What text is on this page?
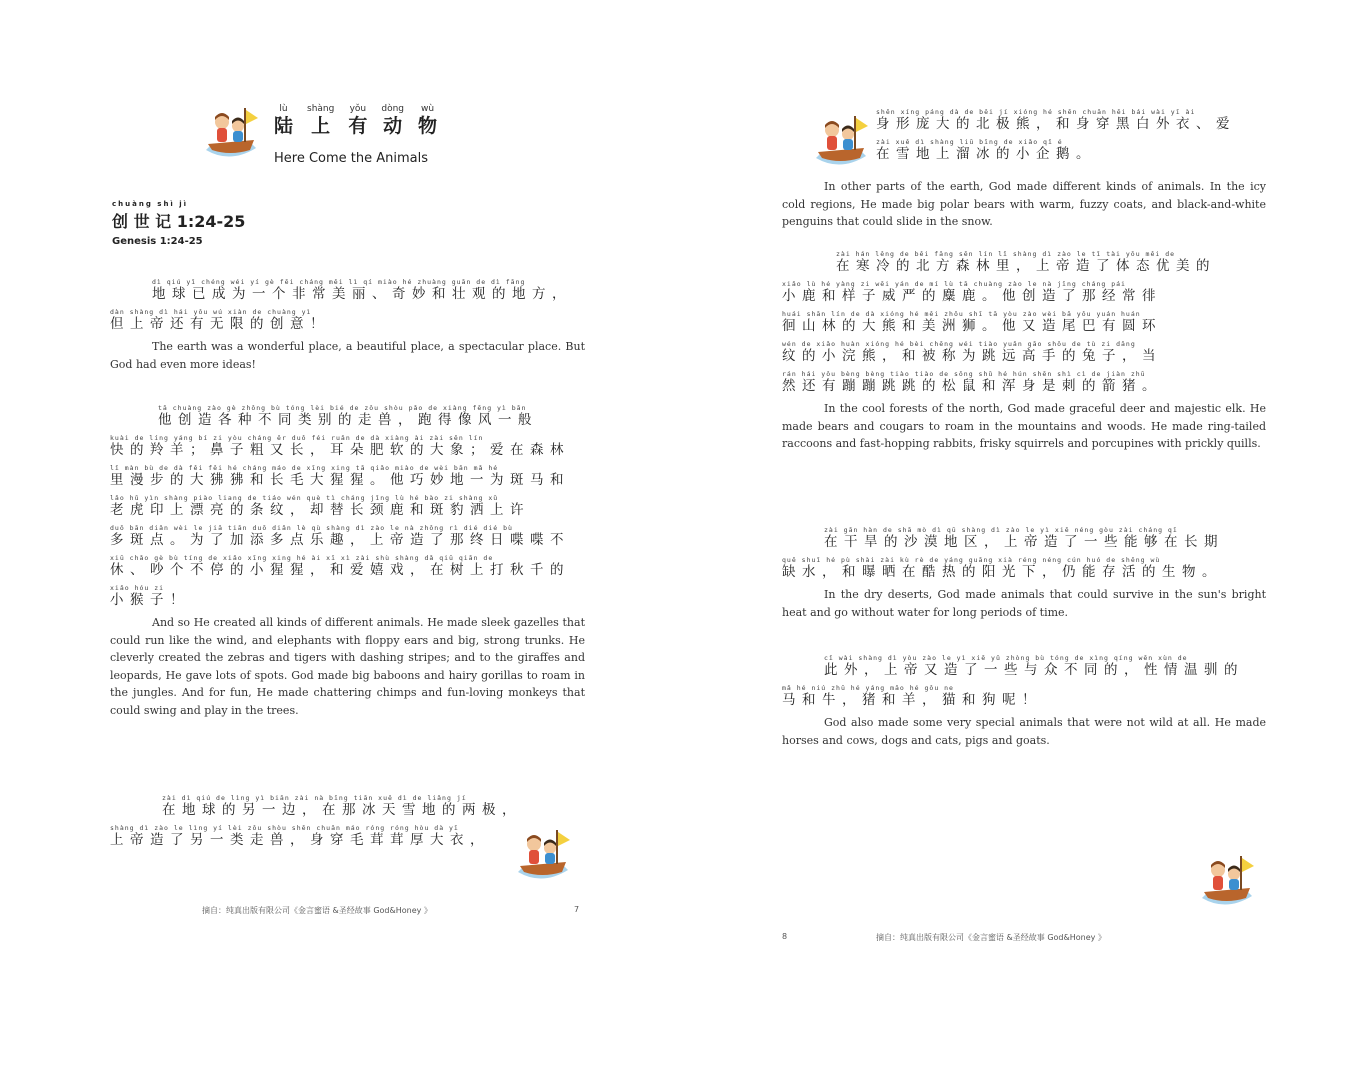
lù
陆
shàng
上
yǒu
有
dòng
动
wù
物
Here Come the Animals
chuàng shì jì
创 世 记 1:24-25
Genesis 1:24-25
dì qiú yǐ chéng wéi yí gè fēi cháng měi lì qí miào hé zhuàng guān de dì fāng
地球已成为一个非常美丽、奇妙和壮观的地方，
dàn shàng dì hái yǒu wú xiàn de chuàng yì
但上帝还有无限的创意！

The earth was a wonderful place, a beautiful place, a spectacular place. But God had even more ideas!

tā chuàng zào gè zhǒng bù tóng lèi bié de zǒu shòu pǎo de xiàng fēng yì bān
他创造各种不同类别的走兽，跑得像风一般
kuài de líng yáng bí zi yòu cháng ěr duǒ féi ruǎn de dà xiàng ài zài sēn lín
快的羚羊；鼻子粗又长，耳朵肥软的大象；爱在森林
lǐ màn bù de dà fěi fěi hé cháng máo de xīng xing tā qiǎo miào de wèi bān mǎ hé
里漫步的大狒狒和长毛大猩猩。他巧妙地一为斑马和
lǎo hǔ yìn shàng piào liang de tiáo wén què tì cháng jǐng lù hé bào zi shàng xǔ
老虎印上漂亮的条纹，却替长颈鹿和斑豹洒上许
duō bān diǎn wèi le jiā tiān duō diǎn lè qù shàng dì zào le nà zhǒng rì dié dié bù
多斑点。为了加添多点乐趣，上帝造了那终日喋喋不
xiū chǎo gè bù tíng de xiǎo xīng xing hé ài xī xì zài shù shàng dǎ qiū qiān de
休、吵个不停的小猩猩，和爱嬉戏，在树上打秋千的
xiǎo hóu zi
小猴子！

And so He created all kinds of different animals. He made sleek gazelles that could run like the wind, and elephants with floppy ears and big, strong trunks. He cleverly created the zebras and tigers with dashing stripes; and to the giraffes and leopards, He gave lots of spots. God made big baboons and hairy gorillas to roam in the jungles. And for fun, He made chattering chimps and fun-loving monkeys that could swing and play in the trees.

zài dì qiú de lìng yì biān zài nà bīng tiān xuě dì de liǎng jí
在地球的另一边，在那冰天雪地的两极，
shàng dì zào le lìng yí lèi zǒu shòu shēn chuān máo róng róng hòu dà yī
上帝造了另一类走兽，身穿毛茸茸厚大衣，
摘自：纯真出版有限公司《金言蜜语 &圣经故事 God&Honey 》	7
shēn xíng páng dà de běi jí xióng hé shēn chuān hēi bái wài yī ài
身形庞大的北极熊，和身穿黑白外衣、爱
zài xuě dì shàng liū bīng de xiǎo qǐ é
在雪地上溜冰的小企鹅。

In other parts of the earth, God made different kinds of animals. In the icy cold regions, He made big polar bears with warm, fuzzy coats, and black-and-white penguins that could slide in the snow.

zài hán lěng de běi fāng sēn lín lǐ shàng dì zào le tǐ tài yōu měi de
在寒冷的北方森林里，上帝造了体态优美的
xiǎo lù hé yàng zi wēi yán de mí lù tā chuàng zào le nà jīng cháng pái
小鹿和样子威严的麋鹿。他创造了那经常徘
huái shān lín de dà xióng hé měi zhōu shī tā yòu zào wèi bā yǒu yuán huán
徊山林的大熊和美洲狮。他又造尾巴有圆环
wén de xiǎo huàn xióng hé bèi chēng wéi tiào yuǎn gāo shǒu de tù zi dāng
纹的小浣熊，和被称为跳远高手的兔子，当
rán hái yǒu bèng bèng tiào tiào de sōng shǔ hé hún shēn shì cì de jiàn zhū
然还有蹦蹦跳跳的松鼠和浑身是刺的箭猪。

In the cool forests of the north, God made graceful deer and majestic elk. He made bears and cougars to roam in the mountains and woods. He made ring-tailed raccoons and fast-hopping rabbits, frisky squirrels and porcupines with prickly quills.

zài gān hàn de shā mò dì qū shàng dì zào le yì xiē néng gòu zài cháng qī
在干旱的沙漠地区，上帝造了一些能够在长期
quē shuǐ hé pù shài zài kù rè de yáng guāng xià réng néng cún huó de shēng wù
缺水，和曝晒在酷热的阳光下，仍能存活的生物。

In the dry deserts, God made animals that could survive in the sun's bright heat and go without water for long periods of time.

cǐ wài shàng dì yòu zào le yì xiē yǔ zhòng bù tóng de xìng qíng wēn xùn de
此外，上帝又造了一些与众不同的，性情温驯的
mǎ hé niú zhū hé yáng māo hé gǒu ne
马和牛，猪和羊，猫和狗呢！

God also made some very special animals that were not wild at all. He made horses and cows, dogs and cats, pigs and goats.

8	摘自：纯真出版有限公司《金言蜜语 &圣经故事 God&Honey 》
